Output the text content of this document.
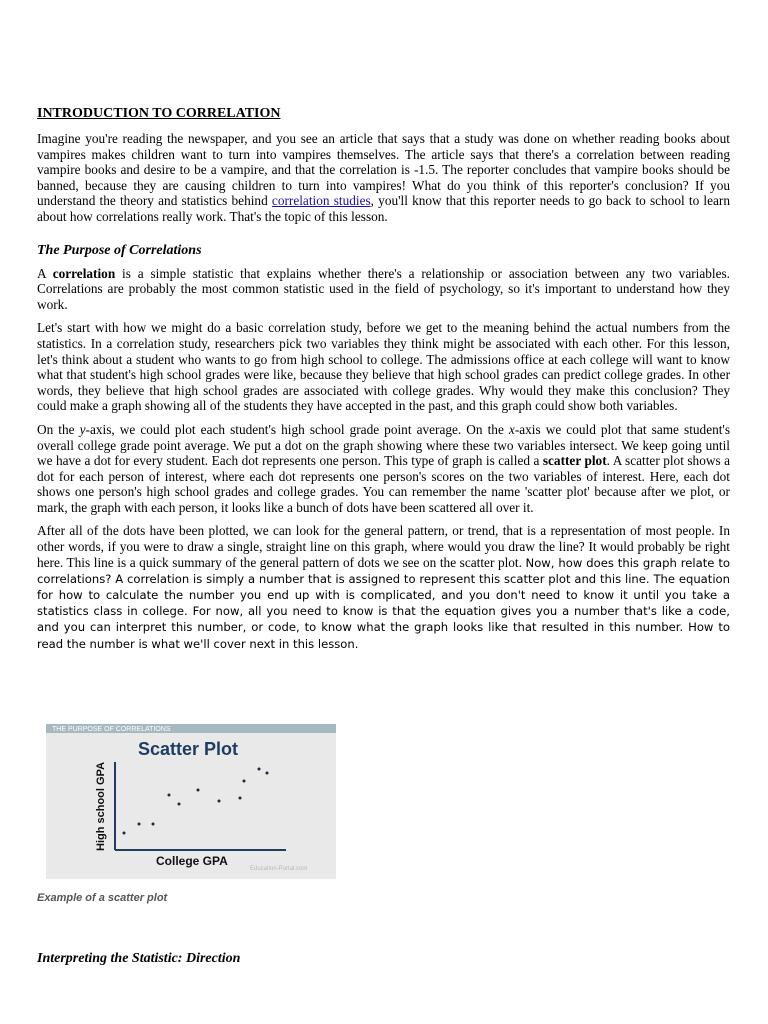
INTRODUCTION TO CORRELATION

Imagine you're reading the newspaper, and you see an article that says that a study was done on whether reading books about vampires makes children want to turn into vampires themselves. The article says that there's a correlation between reading vampire books and desire to be a vampire, and that the correlation is -1.5. The reporter concludes that vampire books should be banned, because they are causing children to turn into vampires! What do you think of this reporter's conclusion? If you understand the theory and statistics behind correlation studies, you'll know that this reporter needs to go back to school to learn about how correlations really work. That's the topic of this lesson.

The Purpose of Correlations

A correlation is a simple statistic that explains whether there's a relationship or association between any two variables. Correlations are probably the most common statistic used in the field of psychology, so it's important to understand how they work.

Let's start with how we might do a basic correlation study, before we get to the meaning behind the actual numbers from the statistics. In a correlation study, researchers pick two variables they think might be associated with each other. For this lesson, let's think about a student who wants to go from high school to college. The admissions office at each college will want to know what that student's high school grades were like, because they believe that high school grades can predict college grades. In other words, they believe that high school grades are associated with college grades. Why would they make this conclusion? They could make a graph showing all of the students they have accepted in the past, and this graph could show both variables.

On the y-axis, we could plot each student's high school grade point average. On the x-axis we could plot that same student's overall college grade point average. We put a dot on the graph showing where these two variables intersect. We keep going until we have a dot for every student. Each dot represents one person. This type of graph is called a scatter plot. A scatter plot shows a dot for each person of interest, where each dot represents one person's scores on the two variables of interest. Here, each dot shows one person's high school grades and college grades. You can remember the name 'scatter plot' because after we plot, or mark, the graph with each person, it looks like a bunch of dots have been scattered all over it.

After all of the dots have been plotted, we can look for the general pattern, or trend, that is a representation of most people. In other words, if you were to draw a single, straight line on this graph, where would you draw the line? It would probably be right here. This line is a quick summary of the general pattern of dots we see on the scatter plot. Now, how does this graph relate to correlations? A correlation is simply a number that is assigned to represent this scatter plot and this line. The equation for how to calculate the number you end up with is complicated, and you don't need to know it until you take a statistics class in college. For now, all you need to know is that the equation gives you a number that's like a code, and you can interpret this number, or code, to know what the graph looks like that resulted in this number. How to read the number is what we'll cover next in this lesson.

THE PURPOSE OF CORRELATIONS
Scatter Plot
High school GPA
College GPA
Education-Portal.com
Example of a scatter plot
Interpreting the Statistic: Direction
